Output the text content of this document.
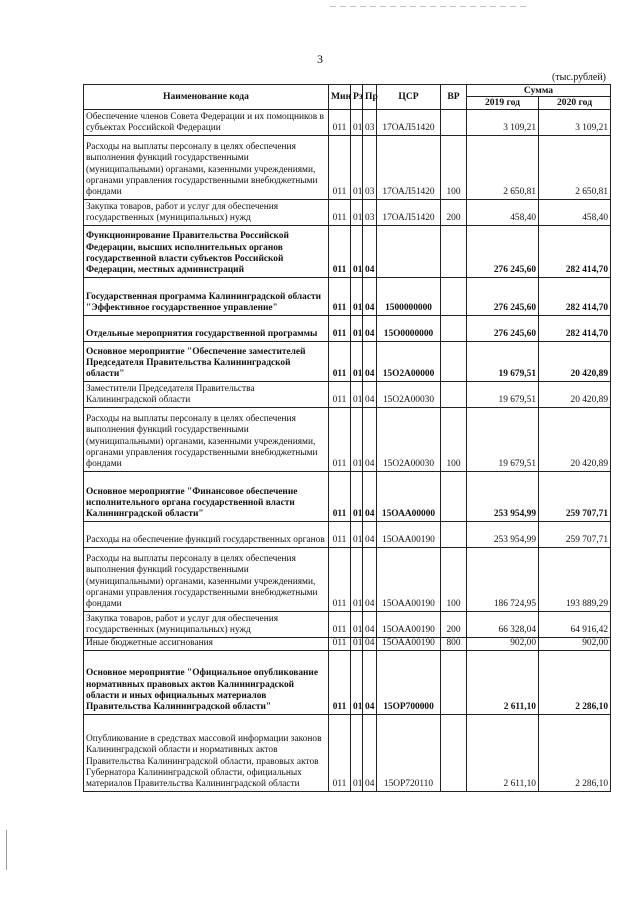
3
(тыс.рублей)
Наименование кода	Мин	Рз	Пр	ЦСР	ВР	Сумма	
						2019 год	2020 год
Обеспечение членов Совета Федерации и их помощников в субъектах Российской Федерации	011	01	03	17ОАЛ51420		3 109,21	3 109,21
Расходы на выплаты персоналу в целях обеспечения выполнения функций государственными (муниципальными) органами, казенными учреждениями, органами управления государственными внебюджетными фондами	011	01	03	17ОАЛ51420	100	2 650,81	2 650,81
Закупка товаров, работ и услуг для обеспечения государственных (муниципальных) нужд	011	01	03	17ОАЛ51420	200	458,40	458,40
Функционирование Правительства Российской Федерации, высших исполнительных органов государственной власти субъектов Российской Федерации, местных администраций	011	01	04			276 245,60	282 414,70
Государственная программа Калининградской области "Эффективное государственное управление"	011	01	04	1500000000		276 245,60	282 414,70
Отдельные мероприятия государственной программы	011	01	04	15О0000000		276 245,60	282 414,70
Основное мероприятие "Обеспечение заместителей Председателя Правительства Калининградской области"	011	01	04	15О2А00000		19 679,51	20 420,89
Заместители Председателя Правительства Калининградской области	011	01	04	15О2А00030		19 679,51	20 420,89
Расходы на выплаты персоналу в целях обеспечения выполнения функций государственными (муниципальными) органами, казенными учреждениями, органами управления государственными внебюджетными фондами	011	01	04	15О2А00030	100	19 679,51	20 420,89
Основное мероприятие "Финансовое обеспечение исполнительного органа государственной власти Калининградской области"	011	01	04	15ОАА00000		253 954,99	259 707,71
Расходы на обеспечение функций государственных органов	011	01	04	15ОАА00190		253 954,99	259 707,71
Расходы на выплаты персоналу в целях обеспечения выполнения функций государственными (муниципальными) органами, казенными учреждениями, органами управления государственными внебюджетными фондами	011	01	04	15ОАА00190	100	186 724,95	193 889,29
Закупка товаров, работ и услуг для обеспечения государственных (муниципальных) нужд	011	01	04	15ОАА00190	200	66 328,04	64 916,42
Иные бюджетные ассигнования	011	01	04	15ОАА00190	800	902,00	902,00
Основное мероприятие "Официальное опубликование нормативных правовых актов Калининградской области и иных официальных материалов Правительства Калининградской области"	011	01	04	15ОР700000		2 611,10	2 286,10
Опубликование в средствах массовой информации законов Калининградской области и нормативных актов Правительства Калининградской области, правовых актов Губернатора Калининградской области, официальных материалов Правительства Калининградской области	011	01	04	15ОР720110		2 611,10	2 286,10
